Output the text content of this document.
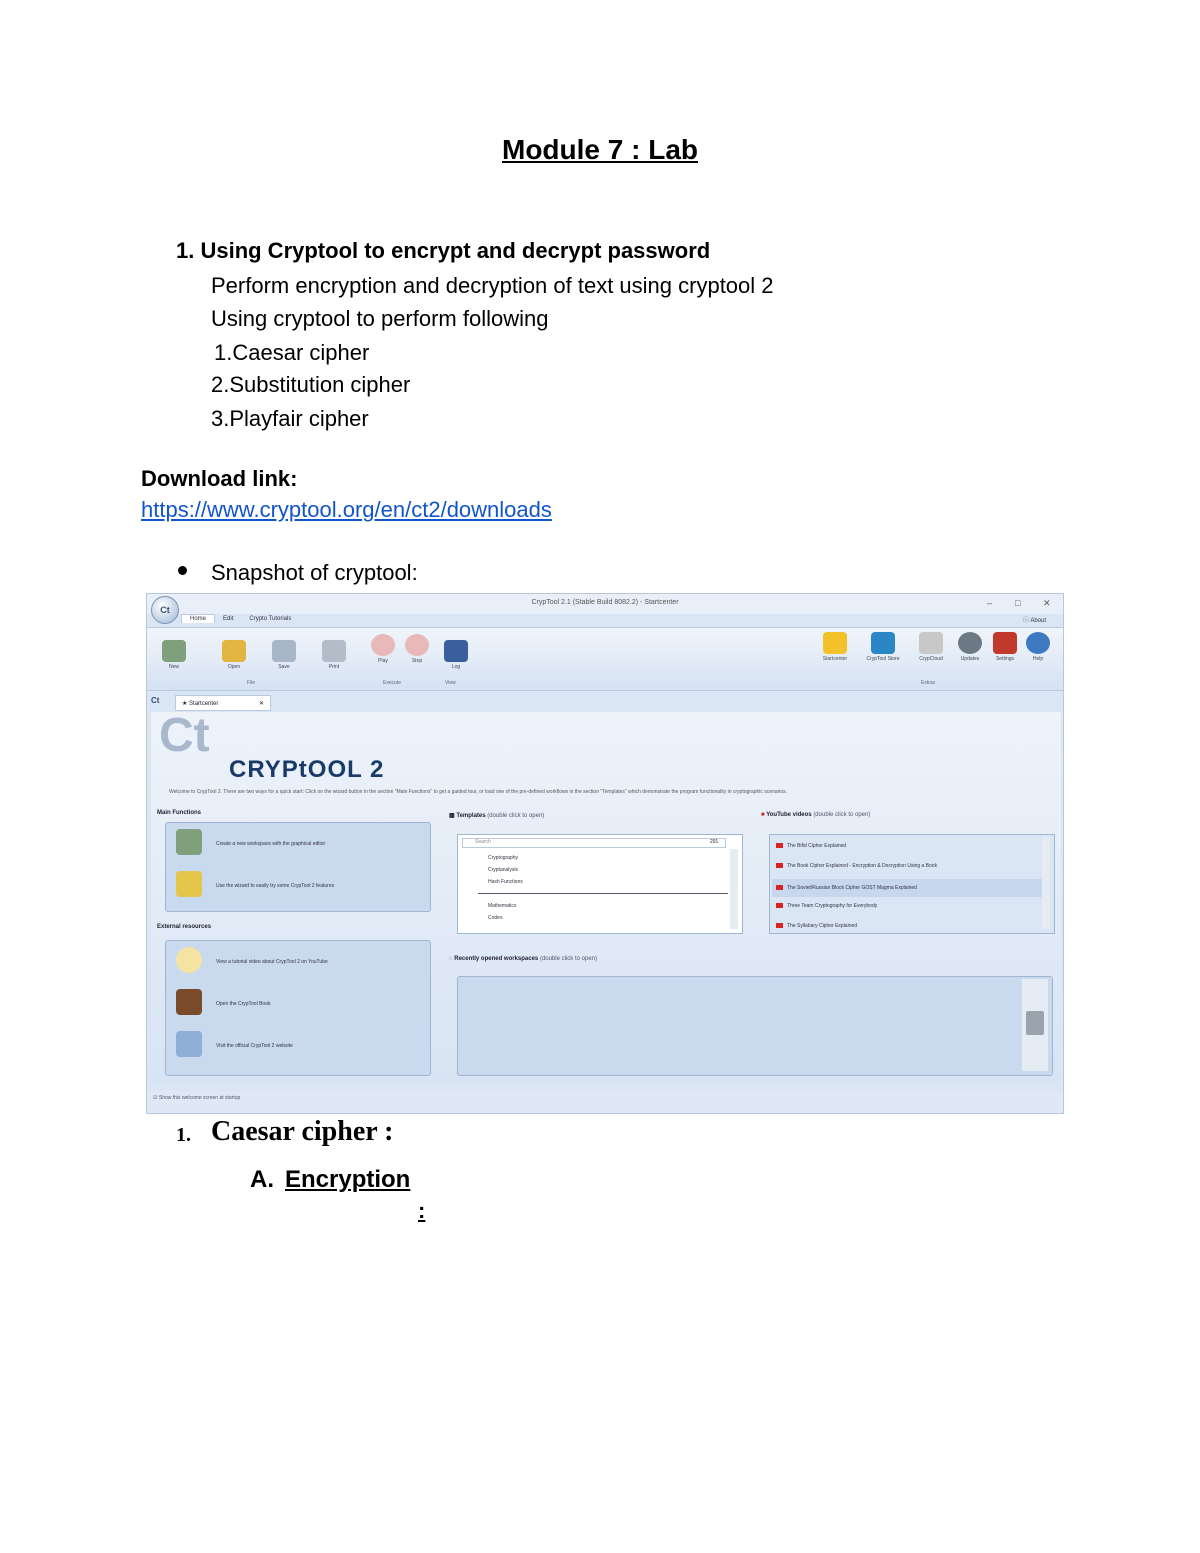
Module 7 : Lab
1. Using Cryptool to encrypt and decrypt password
Perform encryption and decryption of text using cryptool 2
Using cryptool to perform following
1.Caesar cipher
2.Substitution cipher
3.Playfair cipher
Download link:
https://www.cryptool.org/en/ct2/downloads
Snapshot of cryptool:
CrypTool 2.1 (Stable Build 8082.2) - Startcenter	–	□	✕
Ct
Home	Edit	Crypto Tutorials	ⓘ About
New	Open	Save	Print
Play	Stop
Log
File	Execute	View	Extras
Startcenter	CrypTool Store	CrypCloud	Updates	Settings	Help
Ct	★ Startcenter	✕
Ct
CRYPtOOL 2
Welcome to CrypTool 2. There are two ways for a quick start: Click on the wizard button in the section "Main Functions" to get a guided tour, or load one of the pre-defined workflows in the section "Templates" which demonstrate the program functionality in cryptographic scenarios.
Main Functions
Create a new workspace with the graphical editor
Use the wizard to easily try some CrypTool 2 features
External resources
View a tutorial video about CrypTool 2 on YouTube
Open the CrypTool Book
Visit the official CrypTool 2 website
▦ Templates (double click to open)
Search	291
Cryptography
Cryptanalysis
Hash Functions
Mathematics
Codes
■ YouTube videos (double click to open)
The Bifid Cipher Explained
The Book Cipher Explained - Encryption & Decryption Using a Book
The Soviet/Russian Block Cipher GOST Magma Explained
Three Team Cryptography for Everybody
The Syllabary Cipher Explained
◌ Recently opened workspaces (double click to open)
☑ Show this welcome screen at startup
1. Caesar cipher :
A. Encryption
:
